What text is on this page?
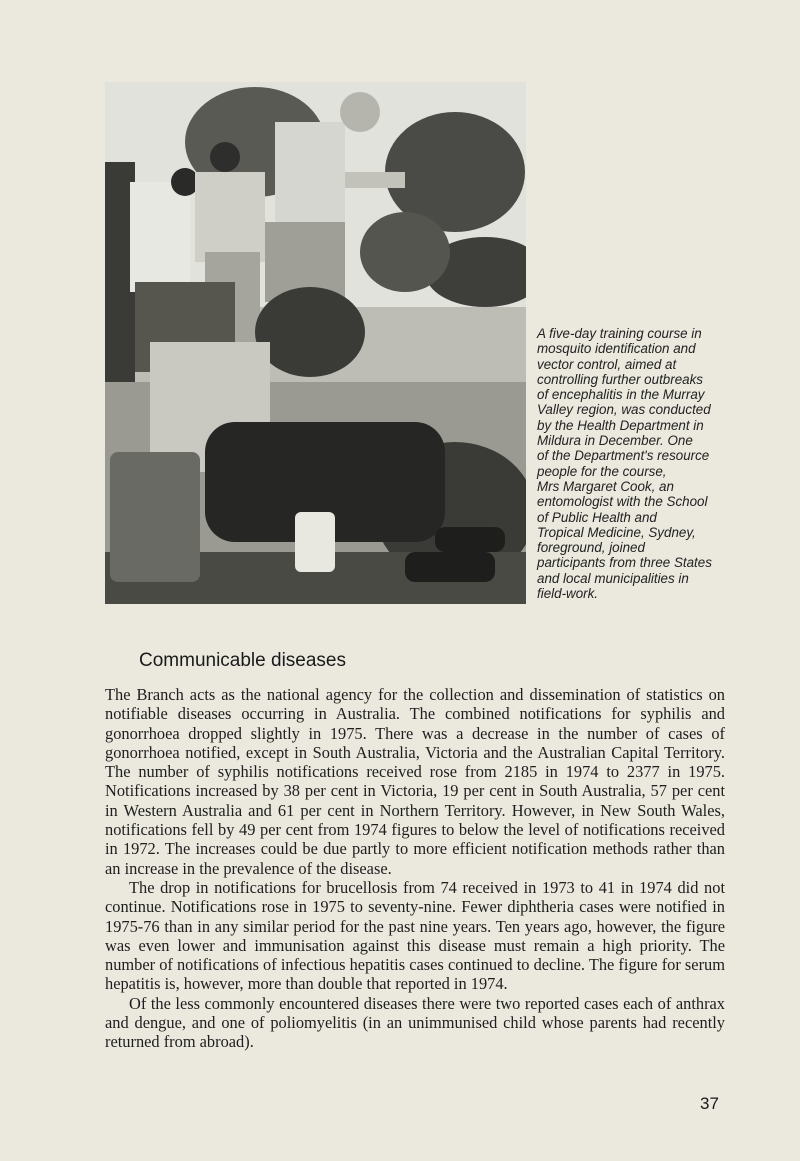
A five-day training course in
mosquito identification and
vector control, aimed at
controlling further outbreaks
of encephalitis in the Murray
Valley region, was conducted
by the Health Department in
Mildura in December. One
of the Department's resource
people for the course,
Mrs Margaret Cook, an
entomologist with the School
of Public Health and
Tropical Medicine, Sydney,
foreground, joined
participants from three States
and local municipalities in
field-work.
Communicable diseases

The Branch acts as the national agency for the collection and dissemination of statistics on notifiable diseases occurring in Australia. The combined notifications for syphilis and gonorrhoea dropped slightly in 1975. There was a decrease in the number of cases of gonorrhoea notified, except in South Australia, Victoria and the Australian Capital Territory. The number of syphilis notifications received rose from 2185 in 1974 to 2377 in 1975. Notifications increased by 38 per cent in Victoria, 19 per cent in South Australia, 57 per cent in Western Australia and 61 per cent in Northern Territory. However, in New South Wales, notifications fell by 49 per cent from 1974 figures to below the level of notifications received in 1972. The increases could be due partly to more efficient notification methods rather than an increase in the prevalence of the disease.

The drop in notifications for brucellosis from 74 received in 1973 to 41 in 1974 did not continue. Notifications rose in 1975 to seventy-nine. Fewer diphtheria cases were notified in 1975-76 than in any similar period for the past nine years. Ten years ago, however, the figure was even lower and immunisation against this disease must remain a high priority. The number of notifications of infectious hepatitis cases continued to decline. The figure for serum hepatitis is, however, more than double that reported in 1974.

Of the less commonly encountered diseases there were two reported cases each of anthrax and dengue, and one of poliomyelitis (in an unimmunised child whose parents had recently returned from abroad).

37
